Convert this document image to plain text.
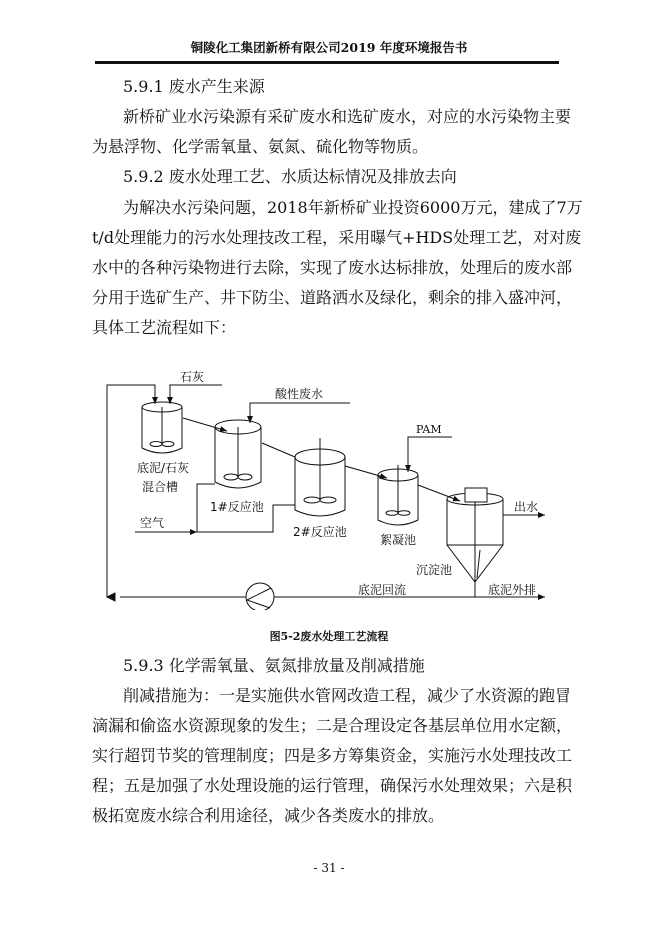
铜陵化工集团新桥有限公司2019 年度环境报告书
5.9.1 废水产生来源
新桥矿业水污染源有采矿废水和选矿废水，对应的水污染物主要
为悬浮物、化学需氧量、氨氮、硫化物等物质。
5.9.2 废水处理工艺、水质达标情况及排放去向
为解决水污染问题，2018年新桥矿业投资6000万元，建成了7万
t/d处理能力的污水处理技改工程，采用曝气+HDS处理工艺，对对废
水中的各种污染物进行去除，实现了废水达标排放，处理后的废水部
分用于选矿生产、井下防尘、道路洒水及绿化，剩余的排入盛冲河，
具体工艺流程如下：
石灰
酸性废水
PAM
底泥/石灰
混合槽
1#反应池
空气
2#反应池
絮凝池
沉淀池
出水
底泥回流	底泥外排
图5-2废水处理工艺流程
5.9.3 化学需氧量、氨氮排放量及削减措施
削减措施为：一是实施供水管网改造工程，减少了水资源的跑冒
滴漏和偷盗水资源现象的发生；二是合理设定各基层单位用水定额，
实行超罚节奖的管理制度；四是多方筹集资金，实施污水处理技改工
程；五是加强了水处理设施的运行管理，确保污水处理效果；六是积
极拓宽废水综合利用途径，减少各类废水的排放。
- 31 -
